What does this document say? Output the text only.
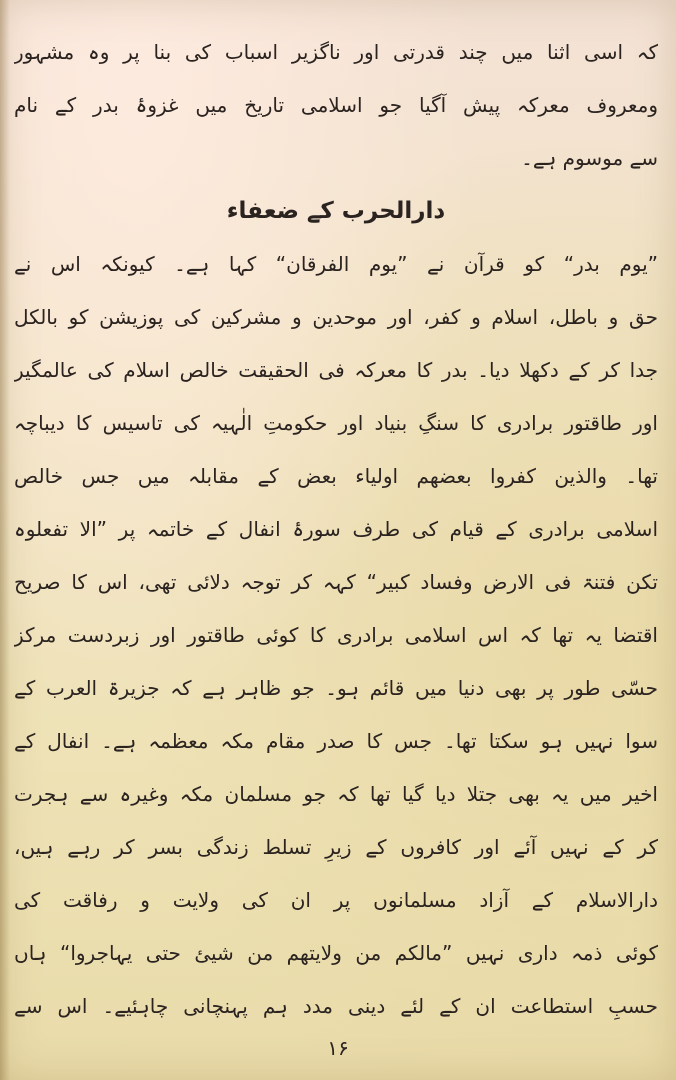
کہ اسی اثنا میں چند قدرتی اور ناگزیر اسباب کی بنا پر وہ مشہور
ومعروف معرکہ پیش آگیا جو اسلامی تاریخ میں غزوۂ بدر کے نام
سے موسوم ہے۔
دارالحرب کے ضعفاء
”یوم بدر“ کو قرآن نے ”یوم الفرقان“ کہا ہے۔ کیونکہ اس نے
حق و باطل، اسلام و کفر، اور موحدین و مشرکین کی پوزیشن کو بالکل
جدا کر کے دکھلا دیا۔ بدر کا معرکہ فی الحقیقت خالص اسلام کی عالمگیر
اور طاقتور برادری کا سنگِ بنیاد اور حکومتِ الٰہیہ کی تاسیس کا دیباچہ
تھا۔ والذین کفروا بعضھم اولیاء بعض کے مقابلہ میں جس خالص
اسلامی برادری کے قیام کی طرف سورۂ انفال کے خاتمہ پر ”الا تفعلوہ
تکن فتنۃ فی الارض وفساد کبیر“ کہہ کر توجہ دلائی تھی، اس کا صریح
اقتضا یہ تھا کہ اس اسلامی برادری کا کوئی طاقتور اور زبردست مرکز
حسّی طور پر بھی دنیا میں قائم ہو۔ جو ظاہر ہے کہ جزیرۃ العرب کے
سوا نہیں ہو سکتا تھا۔ جس کا صدر مقام مکہ معظمہ ہے۔ انفال کے
اخیر میں یہ بھی جتلا دیا گیا تھا کہ جو مسلمان مکہ وغیرہ سے ہجرت
کر کے نہیں آئے اور کافروں کے زیرِ تسلط زندگی بسر کر رہے ہیں،
دارالاسلام کے آزاد مسلمانوں پر ان کی ولایت و رفاقت کی
کوئی ذمہ داری نہیں ”مالکم من ولایتھم من شیئ حتی یہاجروا“ ہاں
حسبِ استطاعت ان کے لئے دینی مدد ہم پہنچانی چاہئیے۔ اس سے
۱۶
